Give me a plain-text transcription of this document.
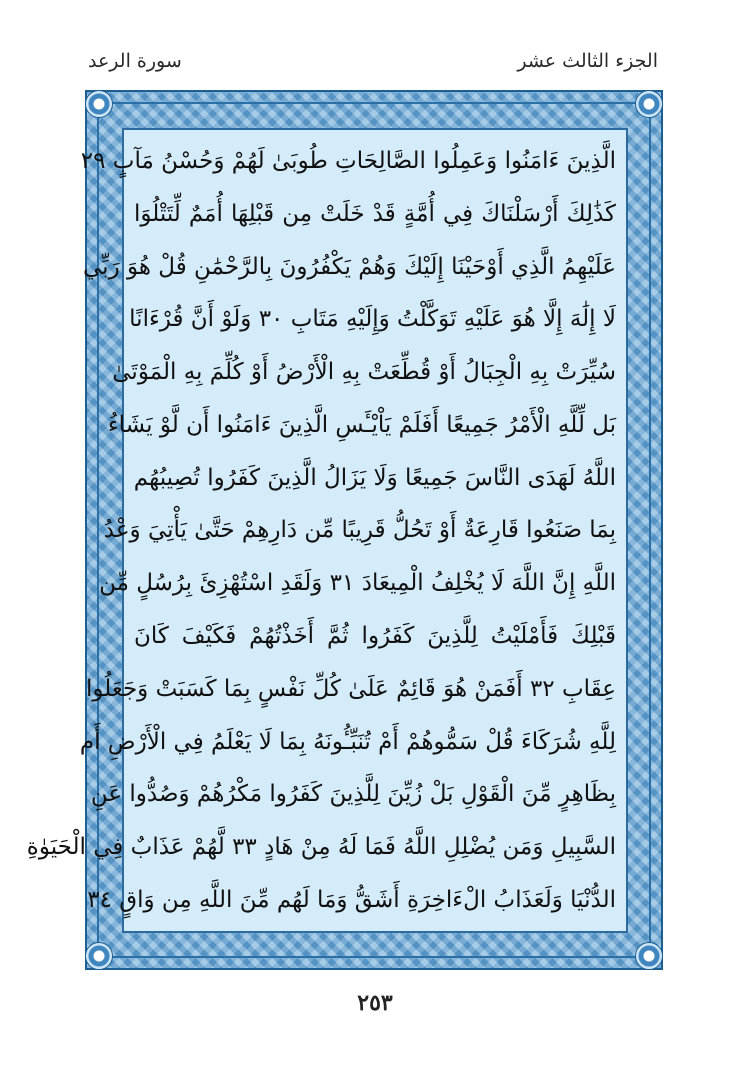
الجزء الثالث عشر
سورة الرعد
الَّذِينَ ءَامَنُوا وَعَمِلُوا الصَّالِحَاتِ طُوبَىٰ لَهُمْ وَحُسْنُ مَآبٍ ٢٩
كَذَٰلِكَ أَرْسَلْنَاكَ فِي أُمَّةٍ قَدْ خَلَتْ مِن قَبْلِهَا أُمَمٌ لِّتَتْلُوَا
عَلَيْهِمُ الَّذِي أَوْحَيْنَا إِلَيْكَ وَهُمْ يَكْفُرُونَ بِالرَّحْمَٰنِ قُلْ هُوَ رَبِّي
لَا إِلَٰهَ إِلَّا هُوَ عَلَيْهِ تَوَكَّلْتُ وَإِلَيْهِ مَتَابِ ٣٠ وَلَوْ أَنَّ قُرْءَانًا
سُيِّرَتْ بِهِ الْجِبَالُ أَوْ قُطِّعَتْ بِهِ الْأَرْضُ أَوْ كُلِّمَ بِهِ الْمَوْتَىٰ
بَل لِّلَّهِ الْأَمْرُ جَمِيعًا أَفَلَمْ يَاْيْـَٔسِ الَّذِينَ ءَامَنُوا أَن لَّوْ يَشَاءُ
اللَّهُ لَهَدَى النَّاسَ جَمِيعًا وَلَا يَزَالُ الَّذِينَ كَفَرُوا تُصِيبُهُم
بِمَا صَنَعُوا قَارِعَةٌ أَوْ تَحُلُّ قَرِيبًا مِّن دَارِهِمْ حَتَّىٰ يَأْتِيَ وَعْدُ
اللَّهِ إِنَّ اللَّهَ لَا يُخْلِفُ الْمِيعَادَ ٣١ وَلَقَدِ اسْتُهْزِئَ بِرُسُلٍ مِّن
قَبْلِكَ فَأَمْلَيْتُ لِلَّذِينَ كَفَرُوا ثُمَّ أَخَذْتُهُمْ فَكَيْفَ كَانَ
عِقَابِ ٣٢ أَفَمَنْ هُوَ قَائِمٌ عَلَىٰ كُلِّ نَفْسٍ بِمَا كَسَبَتْ وَجَعَلُوا
لِلَّهِ شُرَكَاءَ قُلْ سَمُّوهُمْ أَمْ تُنَبِّـُٔونَهُ بِمَا لَا يَعْلَمُ فِي الْأَرْضِ أَم
بِظَاهِرٍ مِّنَ الْقَوْلِ بَلْ زُيِّنَ لِلَّذِينَ كَفَرُوا مَكْرُهُمْ وَصُدُّوا عَنِ
السَّبِيلِ وَمَن يُضْلِلِ اللَّهُ فَمَا لَهُ مِنْ هَادٍ ٣٣ لَّهُمْ عَذَابٌ فِي الْحَيَوٰةِ
الدُّنْيَا وَلَعَذَابُ الْءَاخِرَةِ أَشَقُّ وَمَا لَهُم مِّنَ اللَّهِ مِن وَاقٍ ٣٤
٢٥٣
